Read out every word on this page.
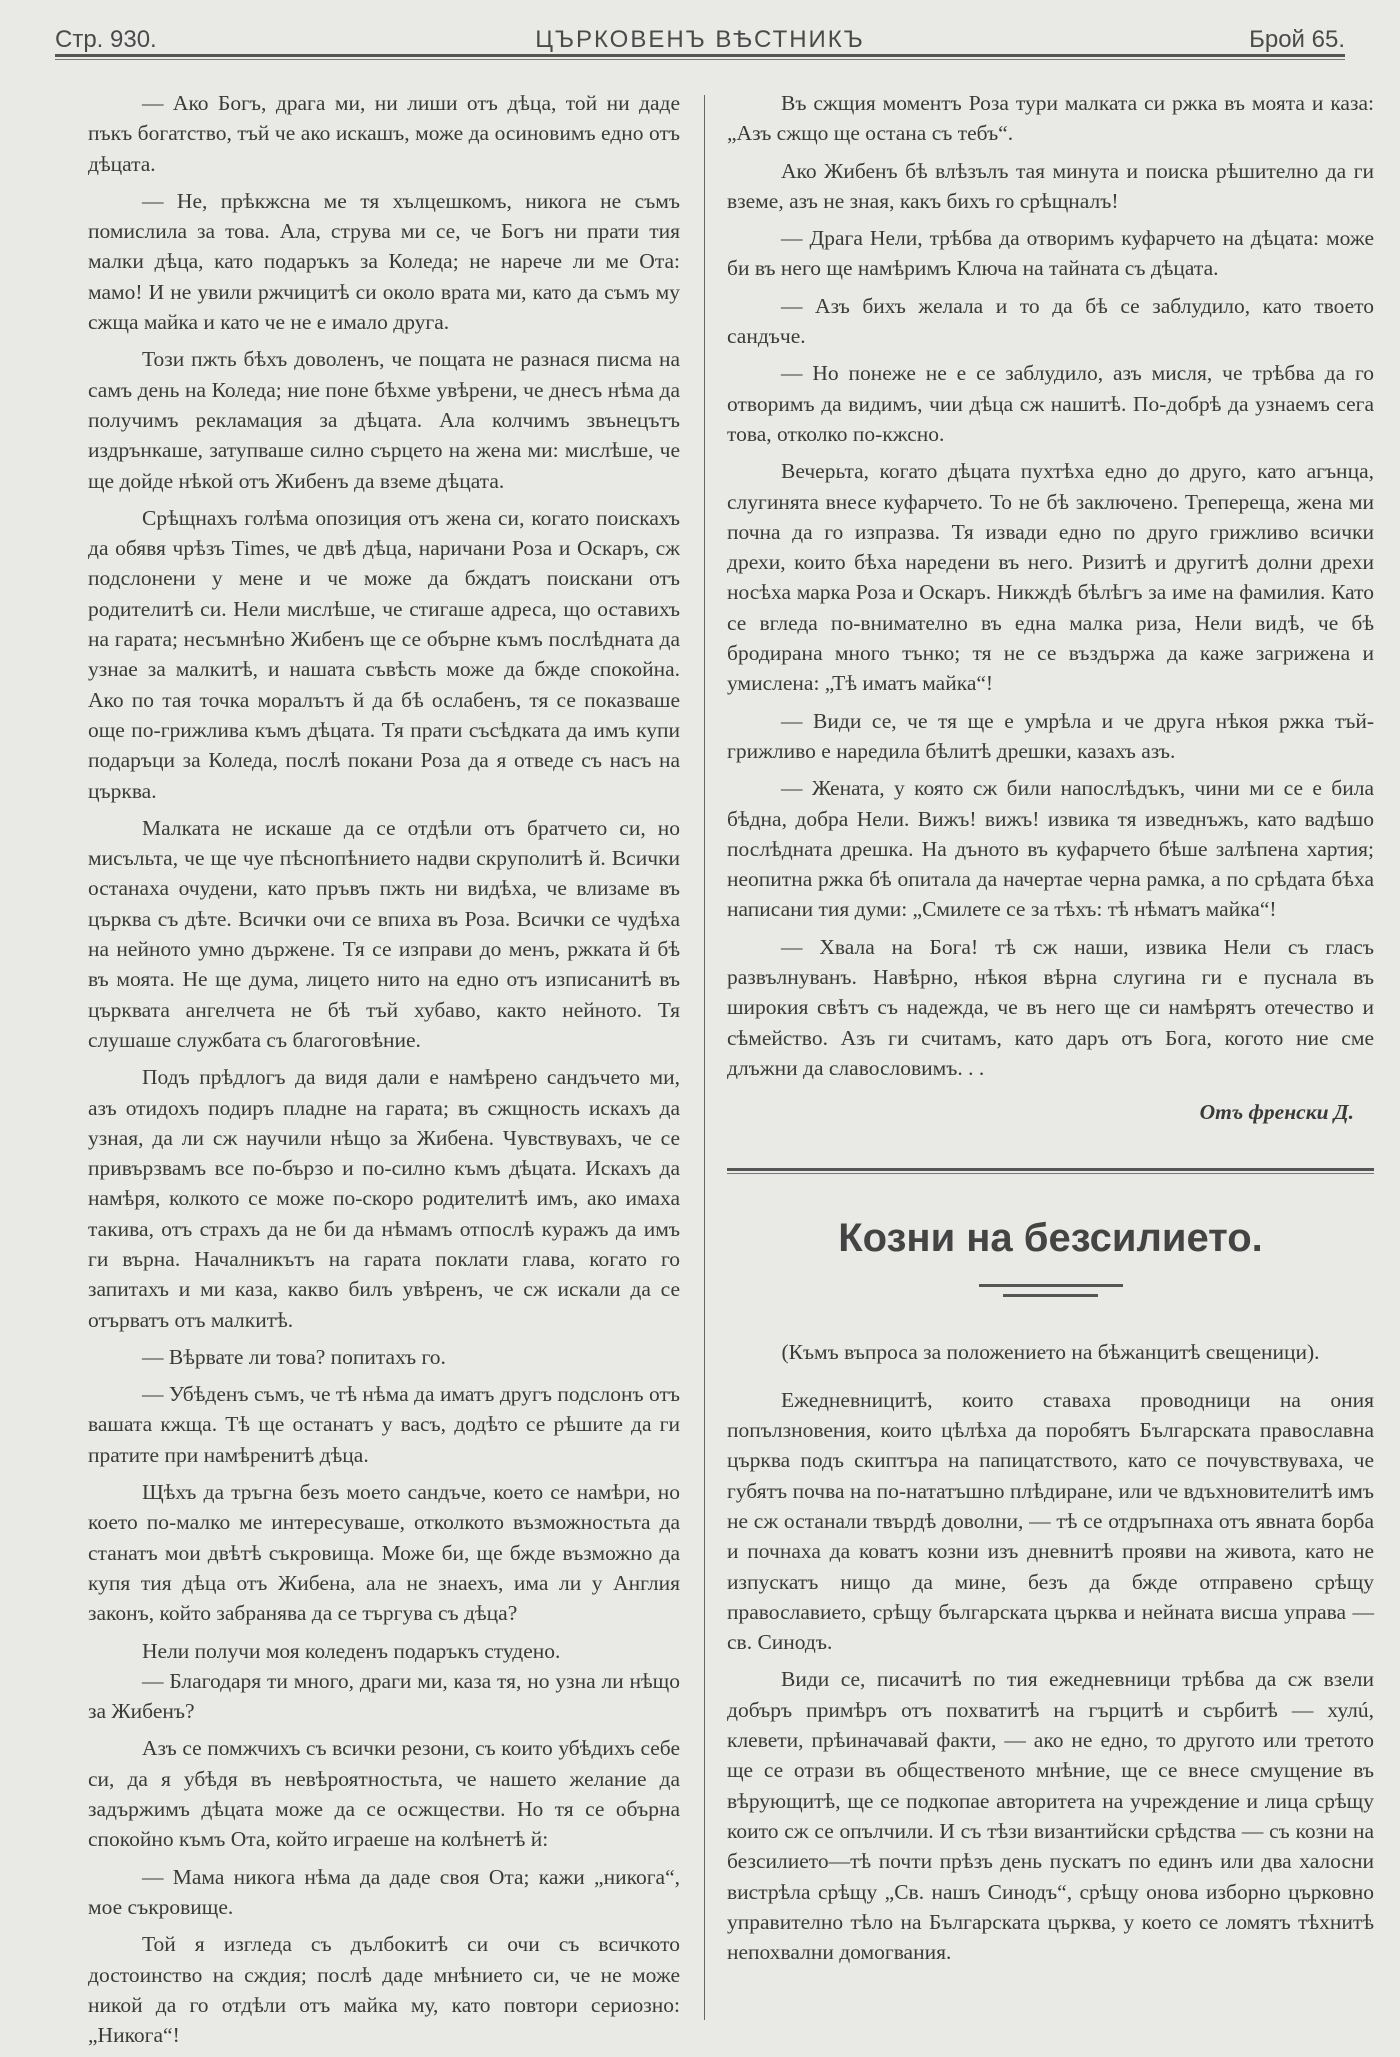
Стр. 930.	ЦЪРКОВЕНЪ ВѢСТНИКЪ	Брой 65.

— Ако Богъ, драга ми, ни лиши отъ дѣца, той ни даде пъкъ богатство, тъй че ако искашъ, може да осиновимъ едно отъ дѣцата.

— Не, прѣкжсна ме тя хълцешкомъ, никога не съмъ помислила за това. Ала, струва ми се, че Богъ ни прати тия малки дѣца, като подаръкъ за Коледа; не нарече ли ме Ота: мамо! И не увили ржчицитѣ си около врата ми, като да съмъ му сжща майка и като че не е имало друга.

Този пжть бѣхъ доволенъ, че пощата не разнася писма на самъ день на Коледа; ние поне бѣхме увѣрени, че днесъ нѣма да получимъ рекламация за дѣцата. Ала колчимъ звънецътъ издрънкаше, затупваше силно сърцето на жена ми: мислѣше, че ще дойде нѣкой отъ Жибенъ да вземе дѣцата.

Срѣщнахъ голѣма опозиция отъ жена си, когато поискахъ да обявя чрѣзъ Times, че двѣ дѣца, наричани Роза и Оскаръ, сж подслонени у мене и че може да бждатъ поискани отъ родителитѣ си. Нели мислѣше, че стигаше адреса, що оставихъ на гарата; несъмнѣно Жибенъ ще се обърне къмъ послѣдната да узнае за малкитѣ, и нашата съвѣсть може да бжде спокойна. Ако по тая точка моралътъ й да бѣ ослабенъ, тя се показваше още по-грижлива къмъ дѣцата. Тя прати съсѣдката да имъ купи подаръци за Коледа, послѣ покани Роза да я отведе съ насъ на църква.

Малката не искаше да се отдѣли отъ братчето си, но мисъльта, че ще чуе пѣснопѣнието надви скруполитѣ й. Всички останаха очудени, като пръвъ пжть ни видѣха, че влизаме въ църква съ дѣте. Всички очи се впиха въ Роза. Всички се чудѣха на нейното умно държене. Тя се изправи до менъ, ржката й бѣ въ моята. Не ще дума, лицето нито на едно отъ изписанитѣ въ църквата ангелчета не бѣ тъй хубаво, както нейното. Тя слушаше службата съ благоговѣние.

Подъ прѣдлогъ да видя дали е намѣрено сандъчето ми, азъ отидохъ подиръ пладне на гарата; въ сжщность искахъ да узная, да ли сж научили нѣщо за Жибена. Чувствувахъ, че се привързвамъ все по-бързо и по-силно къмъ дѣцата. Искахъ да намѣря, колкото се може по-скоро родителитѣ имъ, ако имаха такива, отъ страхъ да не би да нѣмамъ отпослѣ куражъ да имъ ги върна. Началникътъ на гарата поклати глава, когато го запитахъ и ми каза, какво билъ увѣренъ, че сж искали да се отърватъ отъ малкитѣ.

— Вѣрвате ли това? попитахъ го.

— Убѣденъ съмъ, че тѣ нѣма да иматъ другъ подслонъ отъ вашата кжща. Тѣ ще останатъ у васъ, додѣто се рѣшите да ги пратите при намѣренитѣ дѣца.

Щѣхъ да тръгна безъ моето сандъче, което се намѣри, но което по-малко ме интересуваше, отколкото възможностьта да станатъ мои двѣтѣ съкровища. Може би, ще бжде възможно да купя тия дѣца отъ Жибена, ала не знаехъ, има ли у Англия законъ, който забранява да се търгува съ дѣца?

Нели получи моя коледенъ подаръкъ студено.

— Благодаря ти много, драги ми, каза тя, но узна ли нѣщо за Жибенъ?

Азъ се помжчихъ съ всички резони, съ които убѣдихъ себе си, да я убѣдя въ невѣроятностьта, че нашето желание да задържимъ дѣцата може да се осжществи. Но тя се обърна спокойно къмъ Ота, който играеше на колѣнетѣ й:

— Мама никога нѣма да даде своя Ота; кажи „никога“, мое съкровище.

Той я изгледа съ дълбокитѣ си очи съ всичкото достоинство на сждия; послѣ даде мнѣнието си, че не може никой да го отдѣли отъ майка му, като повтори сериозно: „Никога“!

Въ сжщия моментъ Роза тури малката си ржка въ моята и каза: „Азъ сжщо ще остана съ тебъ“.

Ако Жибенъ бѣ влѣзълъ тая минута и поиска рѣшително да ги вземе, азъ не зная, какъ бихъ го срѣщналъ!

— Драга Нели, трѣбва да отворимъ куфарчето на дѣцата: може би въ него ще намѣримъ Ключа на тайната съ дѣцата.

— Азъ бихъ желала и то да бѣ се заблудило, като твоето сандъче.

— Но понеже не е се заблудило, азъ мисля, че трѣбва да го отворимъ да видимъ, чии дѣца сж нашитѣ. По-добрѣ да узнаемъ сега това, отколко по-кжсно.

Вечерьта, когато дѣцата пухтѣха едно до друго, като агънца, слугинята внесе куфарчето. То не бѣ заключено. Трепереща, жена ми почна да го изпразва. Тя извади едно по друго грижливо всички дрехи, които бѣха наредени въ него. Ризитѣ и другитѣ долни дрехи носѣха марка Роза и Оскаръ. Никждѣ бѣлѣгъ за име на фамилия. Като се вгледа по-внимателно въ една малка риза, Нели видѣ, че бѣ бродирана много тънко; тя не се въздържа да каже загрижена и умислена: „Тѣ иматъ майка“!

— Види се, че тя ще е умрѣла и че друга нѣкоя ржка тъй-грижливо е наредила бѣлитѣ дрешки, казахъ азъ.

— Жената, у която сж били напослѣдъкъ, чини ми се е била бѣдна, добра Нели. Вижъ! вижъ! извика тя изведнъжъ, като вадѣшо послѣдната дрешка. На дъното въ куфарчето бѣше залѣпена хартия; неопитна ржка бѣ опитала да начертае черна рамка, а по срѣдата бѣха написани тия думи: „Смилете се за тѣхъ: тѣ нѣматъ майка“!

— Хвала на Бога! тѣ сж наши, извика Нели съ гласъ развълнуванъ. Навѣрно, нѣкоя вѣрна слугина ги е пуснала въ широкия свѣтъ съ надежда, че въ него ще си намѣрятъ отечество и сѣмейство. Азъ ги считамъ, като даръ отъ Бога, когото ние сме длъжни да славословимъ. . .

Отъ френски Д.
Козни на безсилието.

(Къмъ въпроса за положението на бѣжанцитѣ свещеници).

Ежедневницитѣ, които ставаха проводници на ония попълзновения, които цѣлѣха да поробятъ Българската православна църква подъ скиптъра на папицатството, като се почувствуваха, че губятъ почва на по-нататъшно плѣдиране, или че вдъхновителитѣ имъ не сж останали твърдѣ доволни, — тѣ се отдръпнаха отъ явната борба и почнаха да коватъ козни изъ дневнитѣ прояви на живота, като не изпускатъ нищо да мине, безъ да бжде отправено срѣщу православието, срѣщу българската църква и нейната висша управа — св. Синодъ.

Види се, писачитѣ по тия ежедневници трѣбва да сж взели добъръ примѣръ отъ похватитѣ на гърцитѣ и сърбитѣ — хулú, клевети, прѣиначавай факти, — ако не едно, то другото или третото ще се отрази въ общественото мнѣние, ще се внесе смущение въ вѣрующитѣ, ще се подкопае авторитета на учреждение и лица срѣщу които сж се опълчили. И съ тѣзи византийски срѣдства — съ козни на безсилието—тѣ почти прѣзъ день пускатъ по единъ или два халосни вистрѣла срѣщу „Св. нашъ Синодъ“, срѣщу онова изборно църковно управително тѣло на Българската църква, у което се ломятъ тѣхнитѣ непохвални домогвания.
